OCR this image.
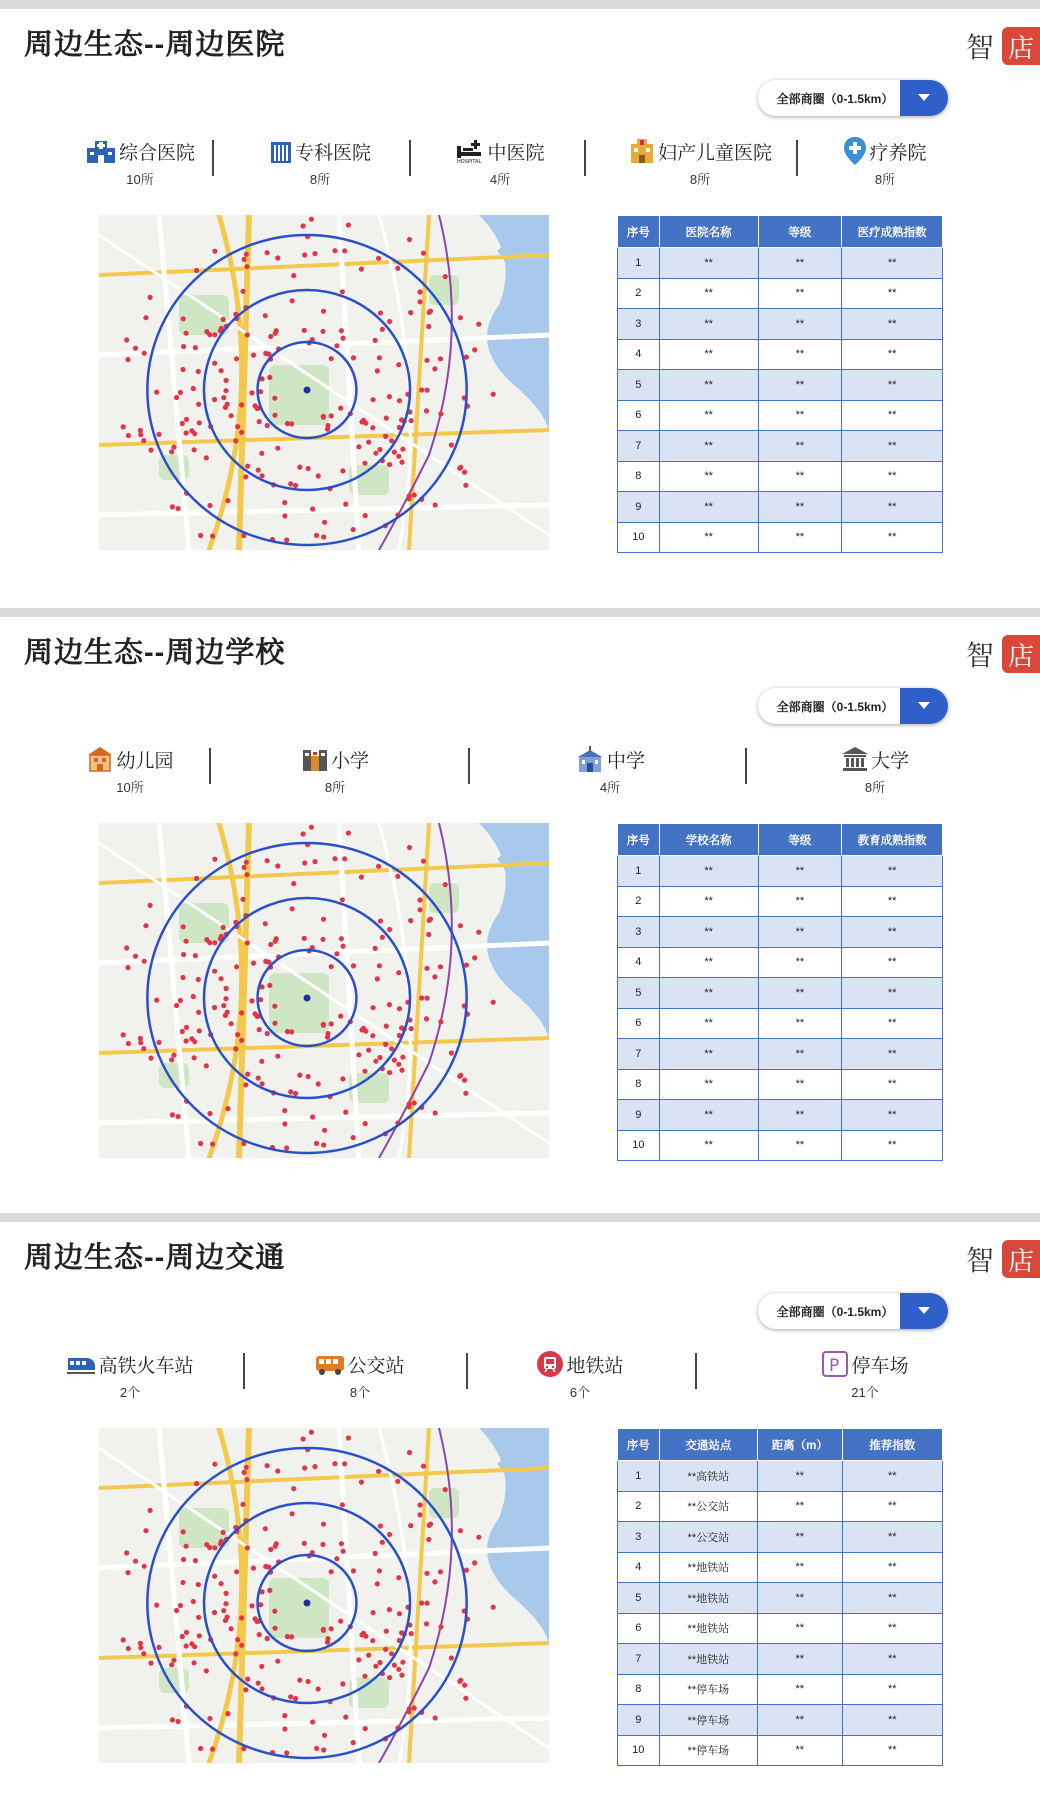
周边生态--周边医院	智 店
全部商圈（0-1.5km）
综合医院
10所
专科医院
8所
HOSPITAL 中医院
4所
妇产儿童医院
8所
疗养院
8所
序号	医院名称	等级	医疗成熟指数
1	**	**	**
2	**	**	**
3	**	**	**
4	**	**	**
5	**	**	**
6	**	**	**
7	**	**	**
8	**	**	**
9	**	**	**
10	**	**	**
周边生态--周边学校	智 店
全部商圈（0-1.5km）
幼儿园
10所
小学
8所
中学
4所
大学
8所
序号	学校名称	等级	教育成熟指数
1	**	**	**
2	**	**	**
3	**	**	**
4	**	**	**
5	**	**	**
6	**	**	**
7	**	**	**
8	**	**	**
9	**	**	**
10	**	**	**
周边生态--周边交通	智 店
全部商圈（0-1.5km）
高铁火车站
2个
公交站
8个
地铁站
6个
P 停车场
21个
序号	交通站点	距离（m）	推荐指数
1	**高铁站	**	**
2	**公交站	**	**
3	**公交站	**	**
4	**地铁站	**	**
5	**地铁站	**	**
6	**地铁站	**	**
7	**地铁站	**	**
8	**停车场	**	**
9	**停车场	**	**
10	**停车场	**	**
